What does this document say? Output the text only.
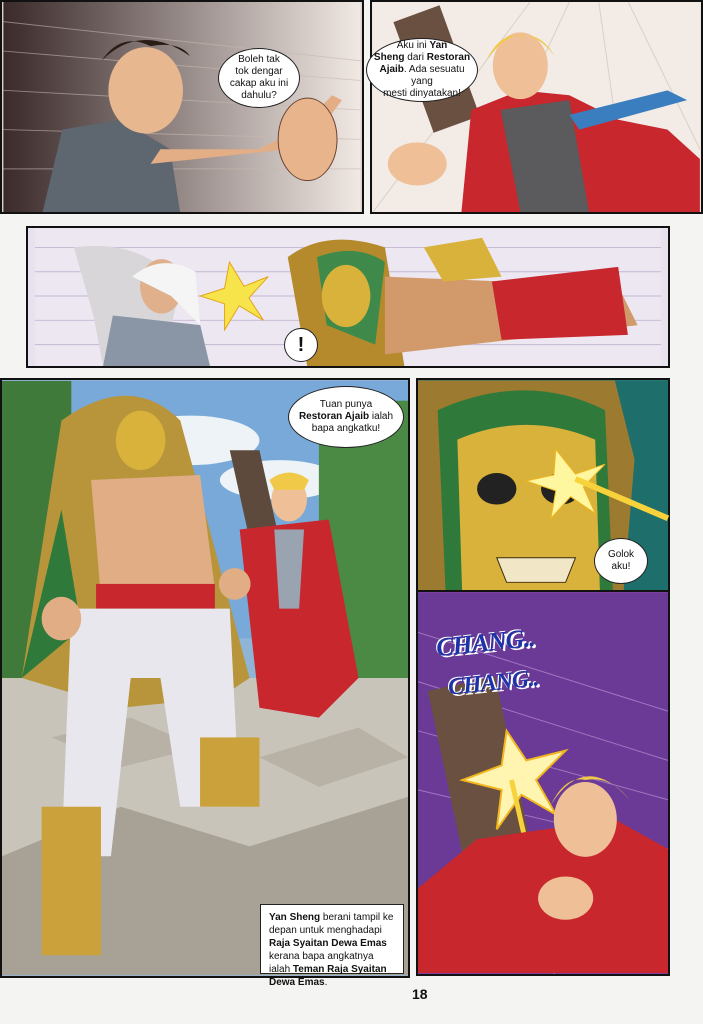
Boleh tak
tok dengar
cakap aku ini
dahulu?
Aku ini Yan
Sheng dari Restoran
Ajaib. Ada sesuatu yang
mesti dinyatakan!
!
Tuan punya
Restoran Ajaib ialah
bapa angkatku!
Yan Sheng berani tampil ke depan untuk menghadapi Raja Syaitan Dewa Emas kerana bapa angkatnya ialah Teman Raja Syaitan Dewa Emas.
Golok
aku!
CHANG..
CHANG..
18
